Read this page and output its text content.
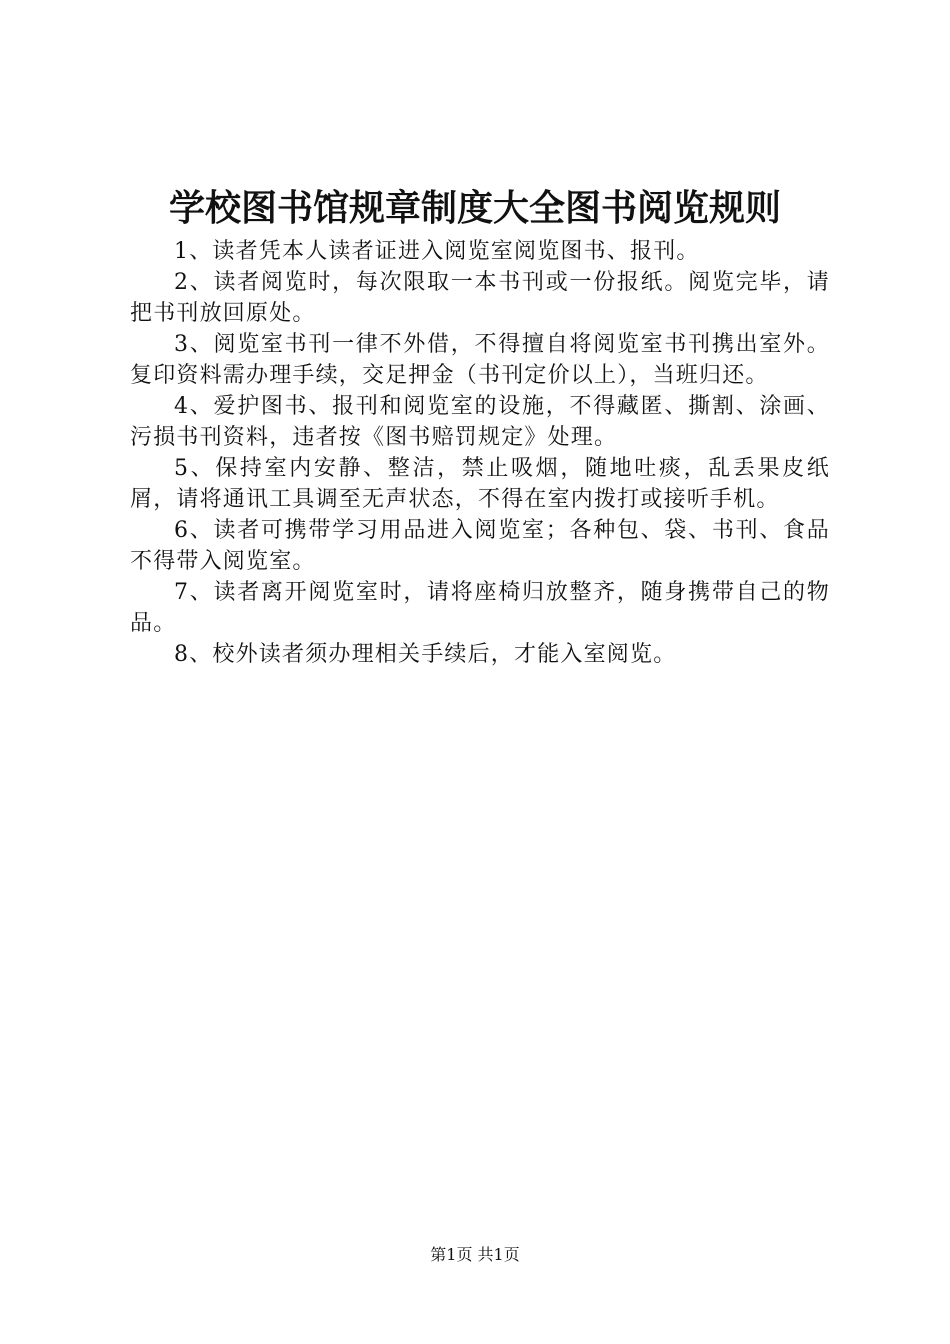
学校图书馆规章制度大全图书阅览规则

1、读者凭本人读者证进入阅览室阅览图书、报刊。

2、读者阅览时，每次限取一本书刊或一份报纸。阅览完毕，请把书刊放回原处。

3、阅览室书刊一律不外借，不得擅自将阅览室书刊携出室外。复印资料需办理手续，交足押金（书刊定价以上），当班归还。

4、爱护图书、报刊和阅览室的设施，不得藏匿、撕割、涂画、污损书刊资料，违者按《图书赔罚规定》处理。

5、保持室内安静、整洁，禁止吸烟，随地吐痰，乱丢果皮纸屑，请将通讯工具调至无声状态，不得在室内拨打或接听手机。

6、读者可携带学习用品进入阅览室；各种包、袋、书刊、食品不得带入阅览室。

7、读者离开阅览室时，请将座椅归放整齐，随身携带自己的物品。

8、校外读者须办理相关手续后，才能入室阅览。

第1页 共1页
